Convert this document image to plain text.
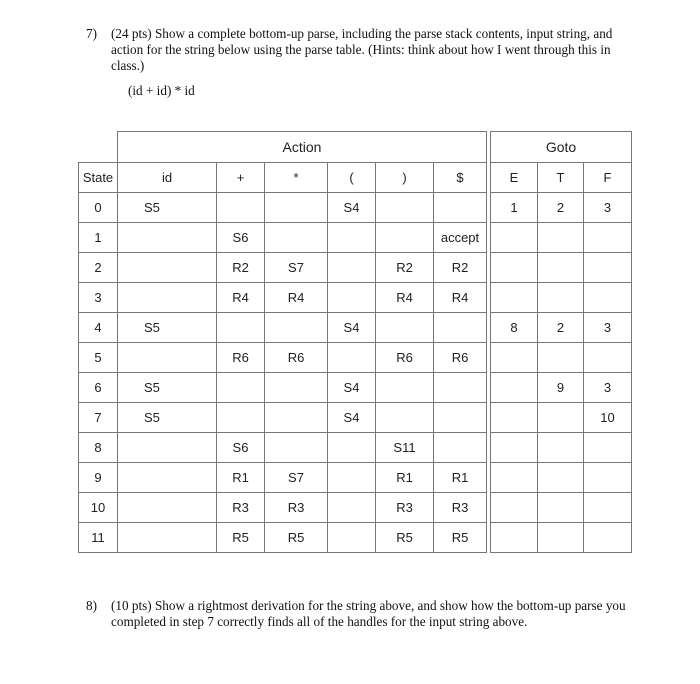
7) (24 pts) Show a complete bottom-up parse, including the parse stack contents, input string, and action for the string below using the parse table. (Hints: think about how I went through this in class.)
(id + id) * id
	Action							Goto		
State	id	+	*	(	)	$		E	T	F
0	S5			S4				1	2	3
1		S6				accept				
2		R2	S7		R2	R2				
3		R4	R4		R4	R4				
4	S5			S4				8	2	3
5		R6	R6		R6	R6				
6	S5			S4					9	3
7	S5			S4						10
8		S6			S11					
9		R1	S7		R1	R1				
10		R3	R3		R3	R3				
11		R5	R5		R5	R5				
8) (10 pts) Show a rightmost derivation for the string above, and show how the bottom-up parse you completed in step 7 correctly finds all of the handles for the input string above.
